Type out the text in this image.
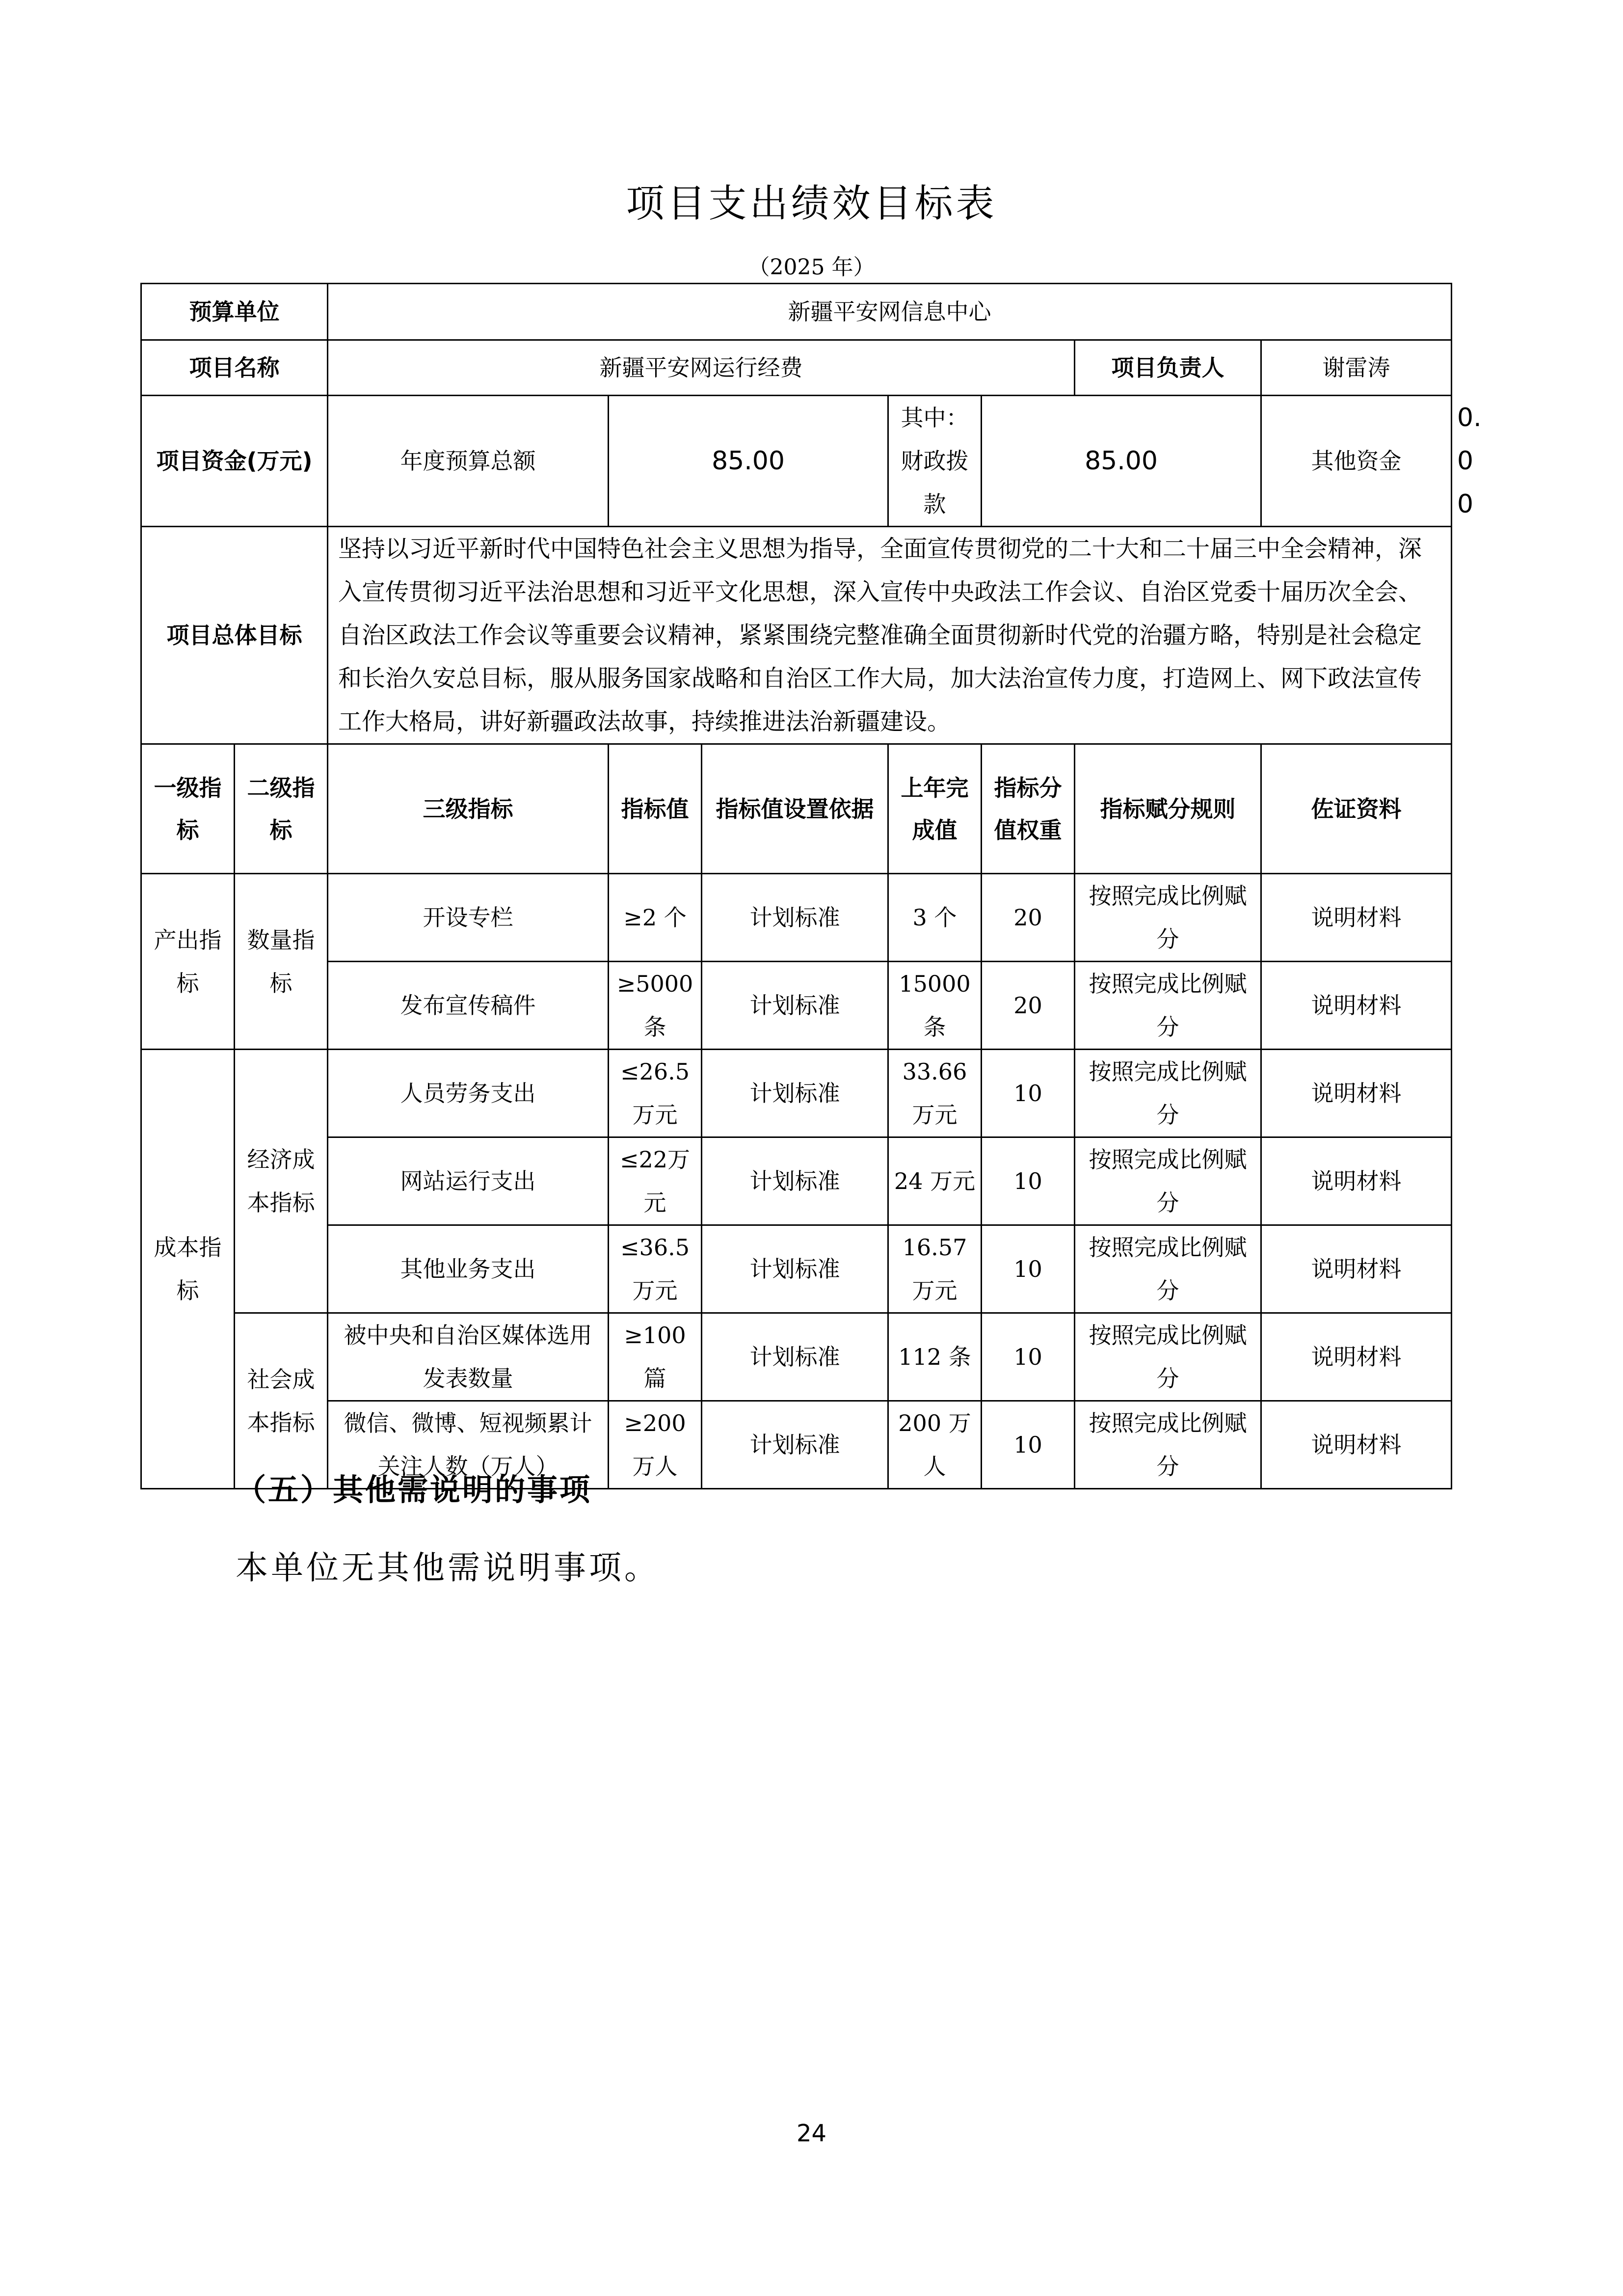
项目支出绩效目标表
（2025 年）
预算单位		新疆平安网信息中心							
项目名称		新疆平安网运行经费					项目负责人	谢雷涛	
项目资金(万元)		年度预算总额	85.00		其中：财政拨款	85.00		其他资金	0.00
项目总体目标		坚持以习近平新时代中国特色社会主义思想为指导，全面宣传贯彻党的二十大和二十届三中全会精神，深入宣传贯彻习近平法治思想和习近平文化思想，深入宣传中央政法工作会议、自治区党委十届历次全会、自治区政法工作会议等重要会议精神，紧紧围绕完整准确全面贯彻新时代党的治疆方略，特别是社会稳定和长治久安总目标，服从服务国家战略和自治区工作大局，加大法治宣传力度，打造网上、网下政法宣传工作大格局，讲好新疆政法故事，持续推进法治新疆建设。							
一级指标	二级指标	三级指标	指标值	指标值设置依据	上年完成值	指标分值权重	指标赋分规则	佐证资料	
产出指标	数量指标	开设专栏	≥2 个	计划标准	3 个	20	按照完成比例赋分	说明材料	
		发布宣传稿件	≥5000条	计划标准	15000条	20	按照完成比例赋分	说明材料	
成本指标	经济成本指标	人员劳务支出	≤26.5 万元	计划标准	33.66万元	10	按照完成比例赋分	说明材料	
		网站运行支出	≤22万元	计划标准	24 万元	10	按照完成比例赋分	说明材料	
		其他业务支出	≤36.5 万元	计划标准	16.57万元	10	按照完成比例赋分	说明材料	
	社会成本指标	被中央和自治区媒体选用发表数量	≥100篇	计划标准	112 条	10	按照完成比例赋分	说明材料	
		微信、微博、短视频累计关注人数（万人）	≥200万人	计划标准	200 万人	10	按照完成比例赋分	说明材料	
（五）其他需说明的事项
本单位无其他需说明事项。
24
